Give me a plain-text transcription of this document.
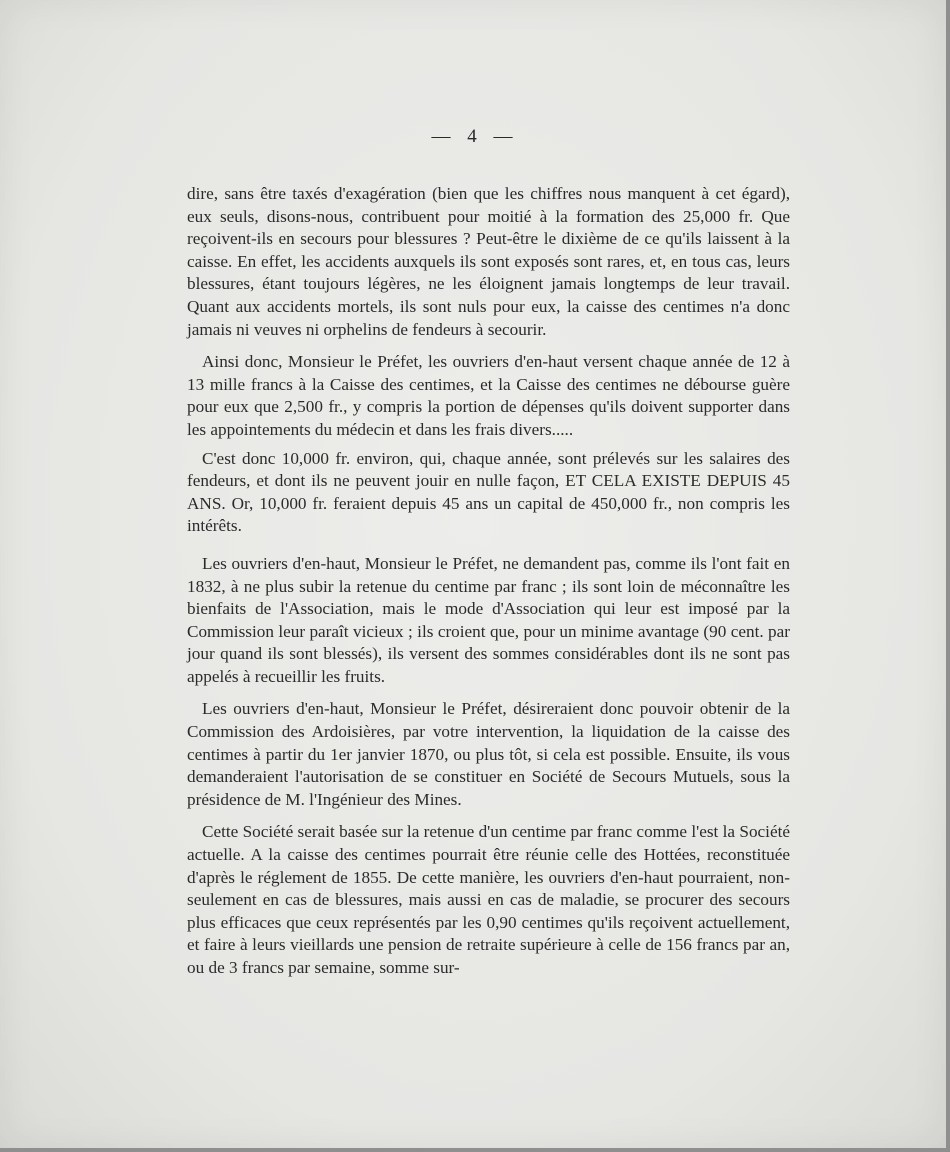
— 4 —

dire, sans être taxés d'exagération (bien que les chiffres nous manquent à cet égard), eux seuls, disons-nous, contribuent pour moitié à la formation des 25,000 fr. Que reçoivent-ils en secours pour blessures ? Peut-être le dixième de ce qu'ils laissent à la caisse. En effet, les accidents auxquels ils sont exposés sont rares, et, en tous cas, leurs blessures, étant toujours légères, ne les éloignent jamais longtemps de leur travail. Quant aux accidents mortels, ils sont nuls pour eux, la caisse des centimes n'a donc jamais ni veuves ni orphelins de fendeurs à secourir.

Ainsi donc, Monsieur le Préfet, les ouvriers d'en-haut versent chaque année de 12 à 13 mille francs à la Caisse des centimes, et la Caisse des centimes ne débourse guère pour eux que 2,500 fr., y compris la portion de dépenses qu'ils doivent supporter dans les appointements du médecin et dans les frais divers.....

C'est donc 10,000 fr. environ, qui, chaque année, sont prélevés sur les salaires des fendeurs, et dont ils ne peuvent jouir en nulle façon, ET CELA EXISTE DEPUIS 45 ANS. Or, 10,000 fr. feraient depuis 45 ans un capital de 450,000 fr., non compris les intérêts.

Les ouvriers d'en-haut, Monsieur le Préfet, ne demandent pas, comme ils l'ont fait en 1832, à ne plus subir la retenue du centime par franc ; ils sont loin de méconnaître les bienfaits de l'Association, mais le mode d'Association qui leur est imposé par la Commission leur paraît vicieux ; ils croient que, pour un minime avantage (90 cent. par jour quand ils sont blessés), ils versent des sommes considérables dont ils ne sont pas appelés à recueillir les fruits.

Les ouvriers d'en-haut, Monsieur le Préfet, désireraient donc pouvoir obtenir de la Commission des Ardoisières, par votre intervention, la liquidation de la caisse des centimes à partir du 1er janvier 1870, ou plus tôt, si cela est possible. Ensuite, ils vous demanderaient l'autorisation de se constituer en Société de Secours Mutuels, sous la présidence de M. l'Ingénieur des Mines.

Cette Société serait basée sur la retenue d'un centime par franc comme l'est la Société actuelle. A la caisse des centimes pourrait être réunie celle des Hottées, reconstituée d'après le réglement de 1855. De cette manière, les ouvriers d'en-haut pourraient, non-seulement en cas de blessures, mais aussi en cas de maladie, se procurer des secours plus efficaces que ceux représentés par les 0,90 centimes qu'ils reçoivent actuellement, et faire à leurs vieillards une pension de retraite supérieure à celle de 156 francs par an, ou de 3 francs par semaine, somme sur-
